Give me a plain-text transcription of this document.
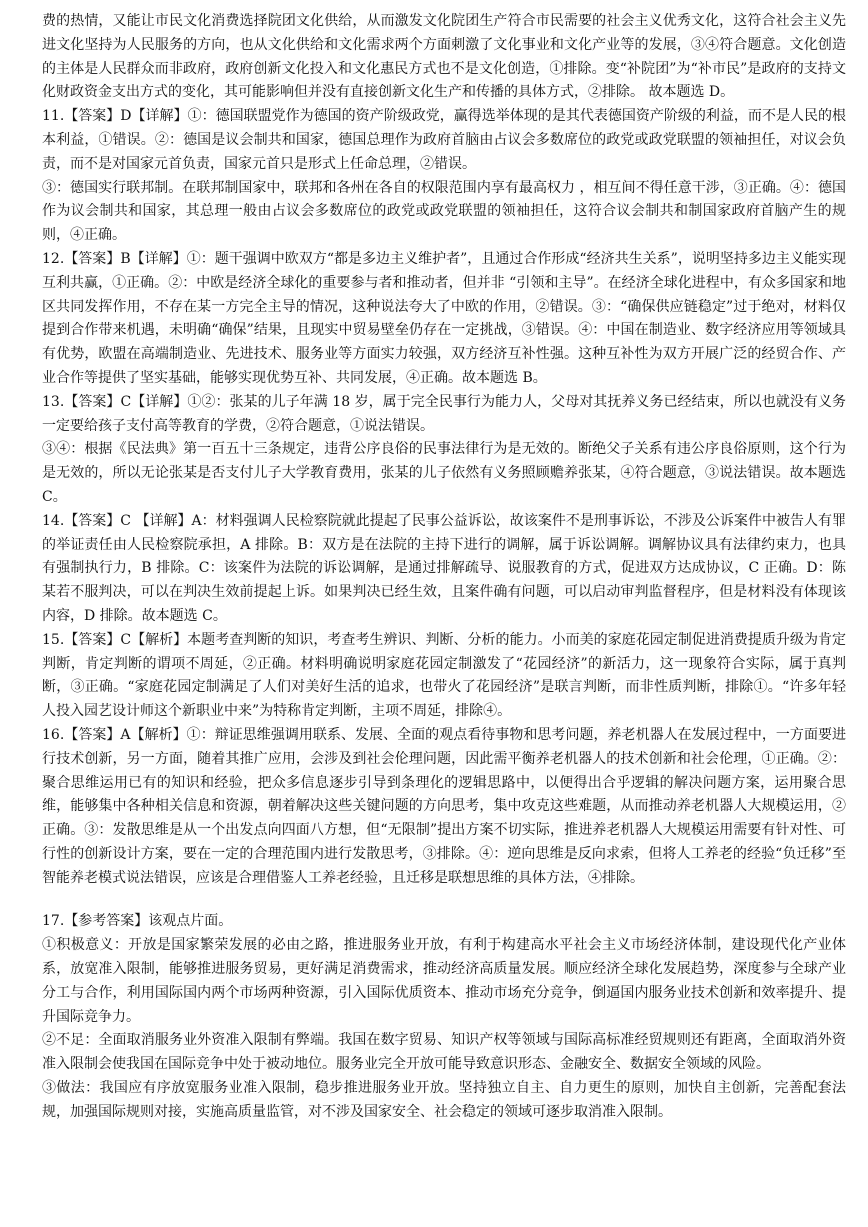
费的热情，又能让市民文化消费选择院团文化供给，从而激发文化院团生产符合市民需要的社会主义优秀文化，这符合社会主义先进文化坚持为人民服务的方向，也从文化供给和文化需求两个方面刺激了文化事业和文化产业等的发展，③④符合题意。文化创造的主体是人民群众而非政府，政府创新文化投入和文化惠民方式也不是文化创造，①排除。变“补院团”为“补市民”是政府的支持文化财政资金支出方式的变化，其可能影响但并没有直接创新文化生产和传播的具体方式，②排除。 故本题选 D。

11.【答案】D【详解】①：德国联盟党作为德国的资产阶级政党，赢得选举体现的是其代表德国资产阶级的利益，而不是人民的根本利益，①错误。②：德国是议会制共和国家，德国总理作为政府首脑由占议会多数席位的政党或政党联盟的领袖担任，对议会负责，而不是对国家元首负责，国家元首只是形式上任命总理，②错误。

③：德国实行联邦制。在联邦制国家中，联邦和各州在各自的权限范围内享有最高权力 ，相互间不得任意干涉，③正确。④：德国作为议会制共和国家，其总理一般由占议会多数席位的政党或政党联盟的领袖担任，这符合议会制共和制国家政府首脑产生的规则，④正确。

12.【答案】B【详解】①：题干强调中欧双方“都是多边主义维护者”，且通过合作形成“经济共生关系”，说明坚持多边主义能实现互利共赢，①正确。②：中欧是经济全球化的重要参与者和推动者，但并非 “引领和主导”。在经济全球化进程中，有众多国家和地区共同发挥作用，不存在某一方完全主导的情况，这种说法夸大了中欧的作用，②错误。③：“确保供应链稳定”过于绝对，材料仅提到合作带来机遇，未明确“确保”结果，且现实中贸易壁垒仍存在一定挑战，③错误。④：中国在制造业、数字经济应用等领域具有优势，欧盟在高端制造业、先进技术、服务业等方面实力较强，双方经济互补性强。这种互补性为双方开展广泛的经贸合作、产业合作等提供了坚实基础，能够实现优势互补、共同发展，④正确。故本题选 B。

13.【答案】C【详解】①②：张某的儿子年满 18 岁，属于完全民事行为能力人，父母对其抚养义务已经结束，所以也就没有义务一定要给孩子支付高等教育的学费，②符合题意，①说法错误。

③④：根据《民法典》第一百五十三条规定，违背公序良俗的民事法律行为是无效的。断绝父子关系有违公序良俗原则，这个行为是无效的，所以无论张某是否支付儿子大学教育费用，张某的儿子依然有义务照顾赡养张某，④符合题意，③说法错误。故本题选 C。

14.【答案】C 【详解】A：材料强调人民检察院就此提起了民事公益诉讼，故该案件不是刑事诉讼，不涉及公诉案件中被告人有罪的举证责任由人民检察院承担，A 排除。B：双方是在法院的主持下进行的调解，属于诉讼调解。调解协议具有法律约束力，也具有强制执行力，B 排除。C：该案件为法院的诉讼调解，是通过排解疏导、说服教育的方式，促进双方达成协议，C 正确。D：陈某若不服判决，可以在判决生效前提起上诉。如果判决已经生效，且案件确有问题，可以启动审判监督程序，但是材料没有体现该内容，D 排除。故本题选 C。

15.【答案】C【解析】本题考查判断的知识，考查考生辨识、判断、分析的能力。小而美的家庭花园定制促进消费提质升级为肯定判断，肯定判断的谓项不周延，②正确。材料明确说明家庭花园定制激发了“花园经济”的新活力，这一现象符合实际，属于真判断，③正确。“家庭花园定制满足了人们对美好生活的追求，也带火了花园经济”是联言判断，而非性质判断，排除①。“许多年轻人投入园艺设计师这个新职业中来”为特称肯定判断，主项不周延，排除④。

16.【答案】A【解析】①：辩证思维强调用联系、发展、全面的观点看待事物和思考问题，养老机器人在发展过程中，一方面要进行技术创新，另一方面，随着其推广应用，会涉及到社会伦理问题，因此需平衡养老机器人的技术创新和社会伦理，①正确。②：聚合思维运用已有的知识和经验，把众多信息逐步引导到条理化的逻辑思路中，以便得出合乎逻辑的解决问题方案，运用聚合思维，能够集中各种相关信息和资源，朝着解决这些关键问题的方向思考，集中攻克这些难题，从而推动养老机器人大规模运用，②正确。③：发散思维是从一个出发点向四面八方想，但“无限制”提出方案不切实际，推进养老机器人大规模运用需要有针对性、可行性的创新设计方案，要在一定的合理范围内进行发散思考，③排除。④：逆向思维是反向求索，但将人工养老的经验“负迁移”至智能养老模式说法错误，应该是合理借鉴人工养老经验，且迁移是联想思维的具体方法，④排除。

17.【参考答案】该观点片面。

①积极意义：开放是国家繁荣发展的必由之路，推进服务业开放，有利于构建高水平社会主义市场经济体制，建设现代化产业体系，放宽准入限制，能够推进服务贸易，更好满足消费需求，推动经济高质量发展。顺应经济全球化发展趋势，深度参与全球产业分工与合作，利用国际国内两个市场两种资源，引入国际优质资本、推动市场充分竞争，倒逼国内服务业技术创新和效率提升、提升国际竞争力。

②不足：全面取消服务业外资准入限制有弊端。我国在数字贸易、知识产权等领域与国际高标准经贸规则还有距离，全面取消外资准入限制会使我国在国际竞争中处于被动地位。服务业完全开放可能导致意识形态、金融安全、数据安全领域的风险。

③做法：我国应有序放宽服务业准入限制，稳步推进服务业开放。坚持独立自主、自力更生的原则，加快自主创新，完善配套法规，加强国际规则对接，实施高质量监管，对不涉及国家安全、社会稳定的领域可逐步取消准入限制。
